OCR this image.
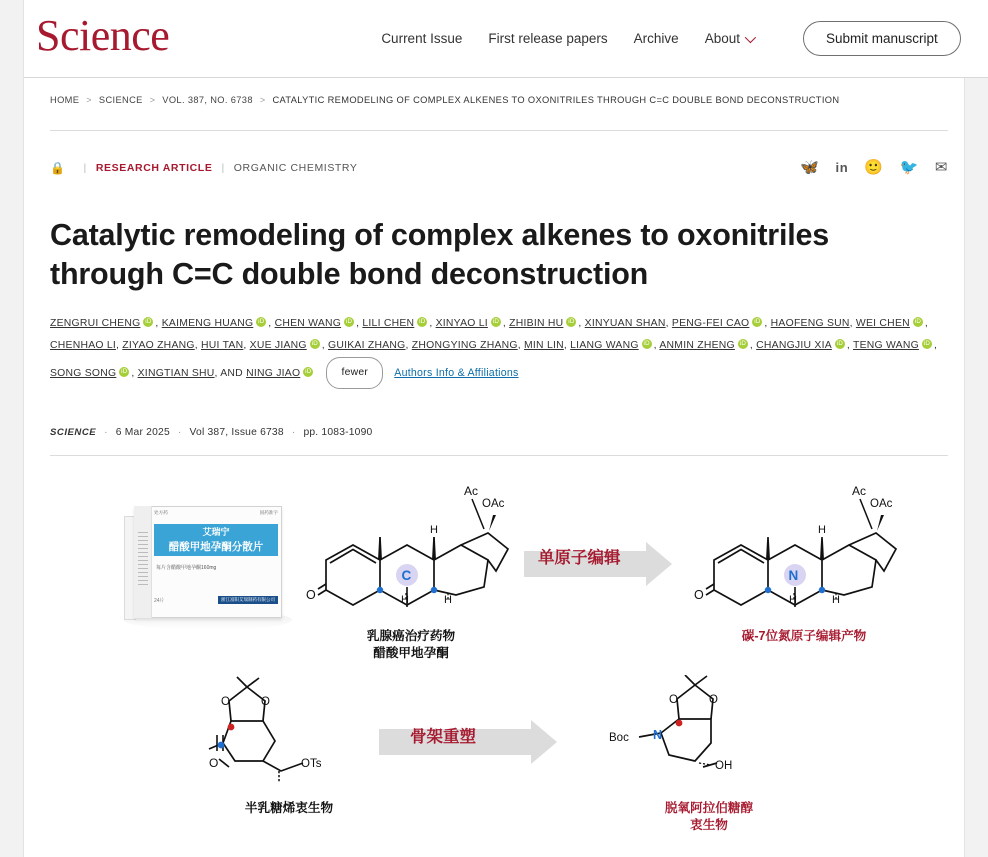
Science	Current Issue First release papers Archive About	Submit manuscript
HOME > SCIENCE > VOL. 387, NO. 6738 > CATALYTIC REMODELING OF COMPLEX ALKENES TO OXONITRILES THROUGH C=C DOUBLE BOND DECONSTRUCTION
🔒 | RESEARCH ARTICLE | ORGANIC CHEMISTRY	🦋 in 🙂 🐦 ✉
Catalytic remodeling of complex alkenes to oxonitriles through C=C double bond deconstruction
ZENGRUI CHENG iD , KAIMENG HUANG iD , CHEN WANG iD , LILI CHEN iD , XINYAO LI iD , ZHIBIN HU iD , XINYUAN SHAN, PENG-FEI CAO iD , HAOFENG SUN, WEI CHEN iD , CHENHAO LI, ZIYAO ZHANG, HUI TAN, XUE JIANG iD , GUIKAI ZHANG, ZHONGYING ZHANG, MIN LIN, LIANG WANG iD , ANMIN ZHENG iD , CHANGJIU XIA iD , TENG WANG iD , SONG SONG iD , XINGTIAN SHU, AND NING JIAO iD	fewer Authors Info & Affiliations
SCIENCE · 6 Mar 2025 · Vol 387, Issue 6738 · pp. 1083-1090
处方药	国药准字
艾瑞宁
醋酸甲地孕酮分散片
每片含醋酸甲地孕酮160mg
24片	浙江富阳艾瑞制药有限公司
H
H	H
Ac
OAc
C
O
乳腺癌治疗药物
醋酸甲地孕酮
单原子编辑
H
H	H
Ac
OAc
N
O
碳-7位氮原子编辑产物
O	O
O	OTs
半乳糖烯衷生物
骨架重塑
O	O
N
Boc
OH
脱氧阿拉伯糖醇
衷生物
